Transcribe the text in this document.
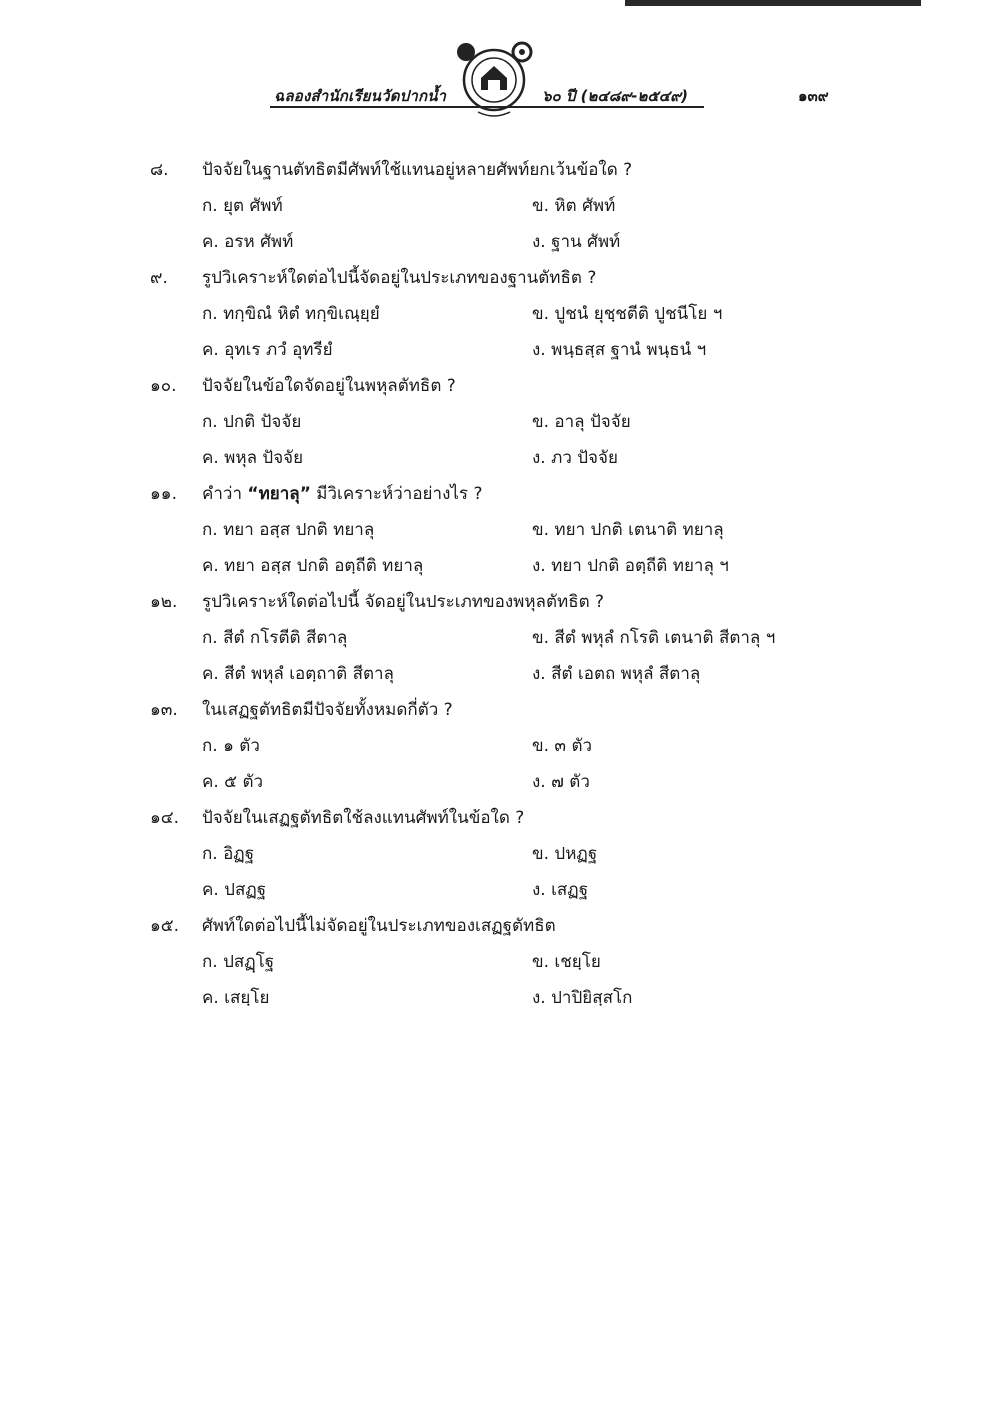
ฉลองสำนักเรียนวัดปากน้ำ	๖๐ ปี (๒๔๘๙-๒๕๔๙)	๑๓๙
๘.	ปัจจัยในฐานตัทธิตมีศัพท์ใช้แทนอยู่หลายศัพท์ยกเว้นข้อใด ?
ก. ยุต ศัพท์	ข. หิต ศัพท์
ค. อรห ศัพท์	ง. ฐาน ศัพท์
๙.	รูปวิเคราะห์ใดต่อไปนี้จัดอยู่ในประเภทของฐานตัทธิต ?
ก. ทกฺขิณํ หิตํ ทกฺขิเณฺยฺยํ	ข. ปูชนํ ยุชฺชตีติ ปูชนีโย ฯ
ค. อุทเร ภวํ อุทรียํ	ง. พนฺธสฺส ฐานํ พนฺธนํ ฯ
๑๐.	ปัจจัยในข้อใดจัดอยู่ในพหุลตัทธิต ?
ก. ปกติ ปัจจัย	ข. อาลุ ปัจจัย
ค. พหุล ปัจจัย	ง. ภว ปัจจัย
๑๑.	คำว่า “ทยาลุ” มีวิเคราะห์ว่าอย่างไร ?
ก. ทยา อสฺส ปกติ ทยาลุ	ข. ทยา ปกติ เตนาติ ทยาลุ
ค. ทยา อสฺส ปกติ อตฺถีติ ทยาลุ	ง. ทยา ปกติ อตฺถีติ ทยาลุ ฯ
๑๒.	รูปวิเคราะห์ใดต่อไปนี้ จัดอยู่ในประเภทของพหุลตัทธิต ?
ก. สีตํ กโรตีติ สีตาลุ	ข. สีตํ พหุลํ กโรติ เตนาติ สีตาลุ ฯ
ค. สีตํ พหุลํ เอตฺถาติ สีตาลุ	ง. สีตํ เอตถ พหุลํ สีตาลุ
๑๓.	ในเสฏฐตัทธิตมีปัจจัยทั้งหมดกี่ตัว ?
ก. ๑ ตัว	ข. ๓ ตัว
ค. ๕ ตัว	ง. ๗ ตัว
๑๔.	ปัจจัยในเสฏฐตัทธิตใช้ลงแทนศัพท์ในข้อใด ?
ก. อิฏฐ	ข. ปหฏฐ
ค. ปสฏฐ	ง. เสฏฐ
๑๕.	ศัพท์ใดต่อไปนี้ไม่จัดอยู่ในประเภทของเสฏฐตัทธิต
ก. ปสฏฺโฐ	ข. เชยฺโย
ค. เสยฺโย	ง. ปาปิยิสฺสโก
